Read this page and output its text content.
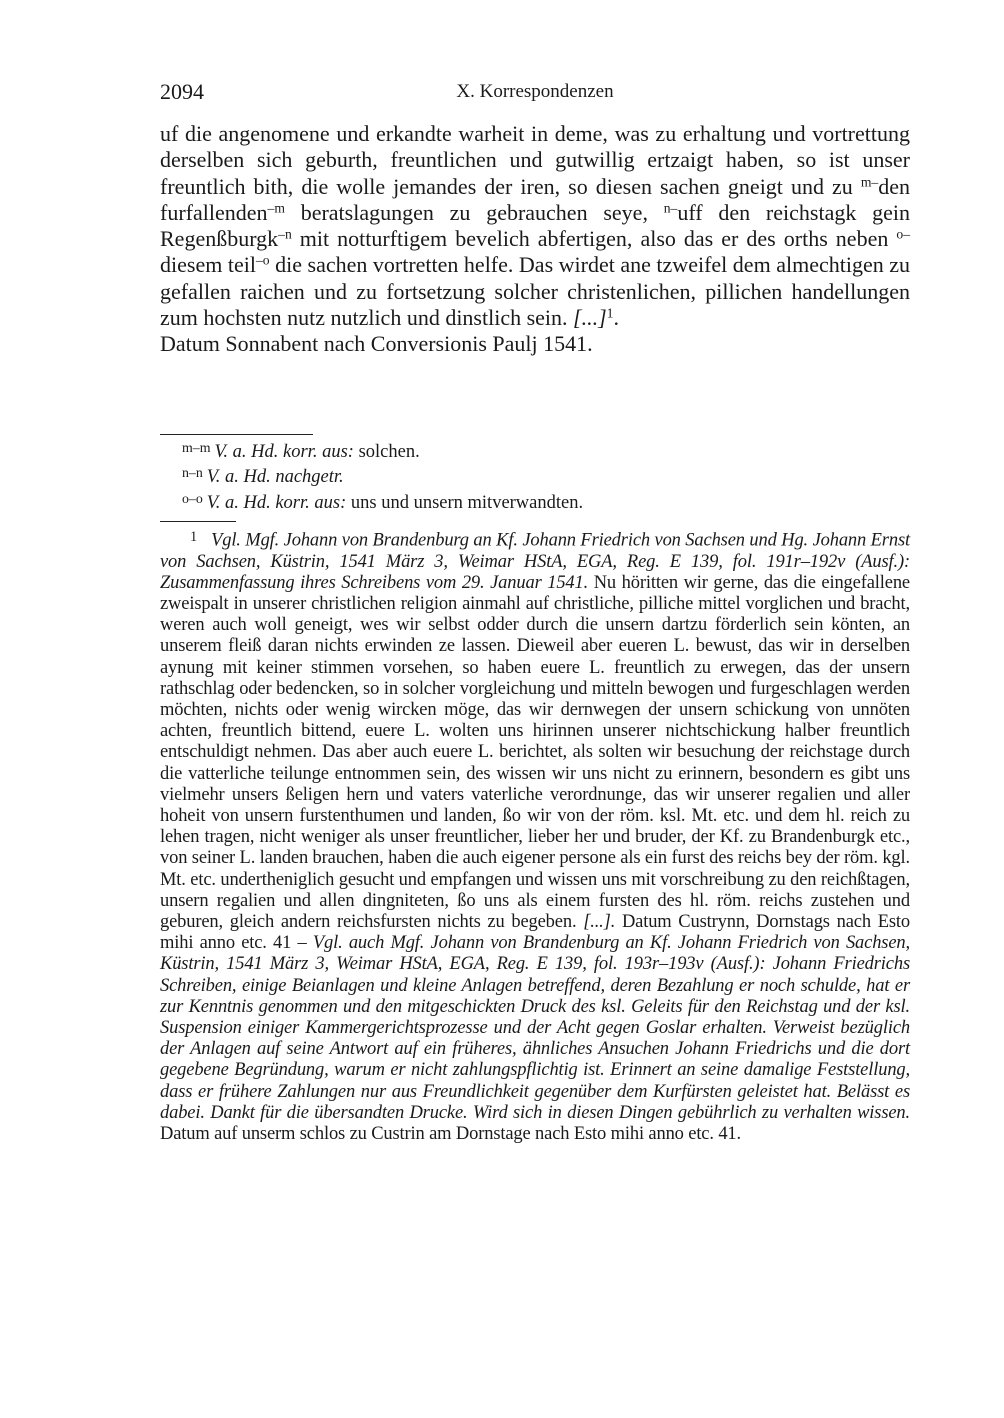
2094	X. Korrespondenzen

uf die angenomene und erkandte warheit in deme, was zu erhaltung und vortrettung derselben sich geburth, freuntlichen und gutwillig ertzaigt haben, so ist unser freuntlich bith, die wolle jemandes der iren, so diesen sachen gneigt und zu $^{m-}$den furfallenden$^{-m}$ beratslagungen zu gebrauchen seye, $^{n-}$uff den reichstagk gein Regenßburgk$^{-n}$ mit notturftigem bevelich abfertigen, also das er des orths neben $^{o-}$diesem teil$^{-o}$ die sachen vortretten helfe. Das wirdet ane tzweifel dem almechtigen zu gefallen raichen und zu fortsetzung solcher christenlichen, pillichen handellungen zum hochsten nutz nutzlich und dinstlich sein. [...]$^1$.

Datum Sonnabent nach Conversionis Paulj 1541.

$^{m-m}$ V. a. Hd. korr. aus: solchen.
$^{n-n}$ V. a. Hd. nachgetr.
$^{o-o}$ V. a. Hd. korr. aus: uns und unsern mitverwandten.

1 Vgl. Mgf. Johann von Brandenburg an Kf. Johann Friedrich von Sachsen und Hg. Johann Ernst von Sachsen, Küstrin, 1541 März 3, Weimar HStA, EGA, Reg. E 139, fol. 191r–192v (Ausf.): Zusammenfassung ihres Schreibens vom 29. Januar 1541. Nu höritten wir gerne, das die eingefallene zweispalt in unserer christlichen religion ainmahl auf christliche, pilliche mittel vorglichen und bracht, weren auch woll geneigt, wes wir selbst odder durch die unsern dartzu förderlich sein könten, an unserem fleiß daran nichts erwinden ze lassen. Dieweil aber eueren L. bewust, das wir in derselben aynung mit keiner stimmen vorsehen, so haben euere L. freuntlich zu erwegen, das der unsern rathschlag oder bedencken, so in solcher vorgleichung und mitteln bewogen und furgeschlagen werden möchten, nichts oder wenig wircken möge, das wir dernwegen der unsern schickung von unnöten achten, freuntlich bittend, euere L. wolten uns hirinnen unserer nichtschickung halber freuntlich entschuldigt nehmen. Das aber auch euere L. berichtet, als solten wir besuchung der reichstage durch die vatterliche teilunge entnommen sein, des wissen wir uns nicht zu erinnern, besondern es gibt uns vielmehr unsers ßeligen hern und vaters vaterliche verordnunge, das wir unserer regalien und aller hoheit von unsern furstenthumen und landen, ßo wir von der röm. ksl. Mt. etc. und dem hl. reich zu lehen tragen, nicht weniger als unser freuntlicher, lieber her und bruder, der Kf. zu Brandenburgk etc., von seiner L. landen brauchen, haben die auch eigener persone als ein furst des reichs bey der röm. kgl. Mt. etc. undertheniglich gesucht und empfangen und wissen uns mit vorschreibung zu den reichßtagen, unsern regalien und allen dingniteten, ßo uns als einem fursten des hl. röm. reichs zustehen und geburen, gleich andern reichsfursten nichts zu begeben. [...]. Datum Custrynn, Dornstags nach Esto mihi anno etc. 41 – Vgl. auch Mgf. Johann von Brandenburg an Kf. Johann Friedrich von Sachsen, Küstrin, 1541 März 3, Weimar HStA, EGA, Reg. E 139, fol. 193r–193v (Ausf.): Johann Friedrichs Schreiben, einige Beianlagen und kleine Anlagen betreffend, deren Bezahlung er noch schulde, hat er zur Kenntnis genommen und den mitgeschickten Druck des ksl. Geleits für den Reichstag und der ksl. Suspension einiger Kammergerichtsprozesse und der Acht gegen Goslar erhalten. Verweist bezüglich der Anlagen auf seine Antwort auf ein früheres, ähnliches Ansuchen Johann Friedrichs und die dort gegebene Begründung, warum er nicht zahlungspflichtig ist. Erinnert an seine damalige Feststellung, dass er frühere Zahlungen nur aus Freundlichkeit gegenüber dem Kurfürsten geleistet hat. Belässt es dabei. Dankt für die übersandten Drucke. Wird sich in diesen Dingen gebührlich zu verhalten wissen. Datum auf unserm schlos zu Custrin am Dornstage nach Esto mihi anno etc. 41.
